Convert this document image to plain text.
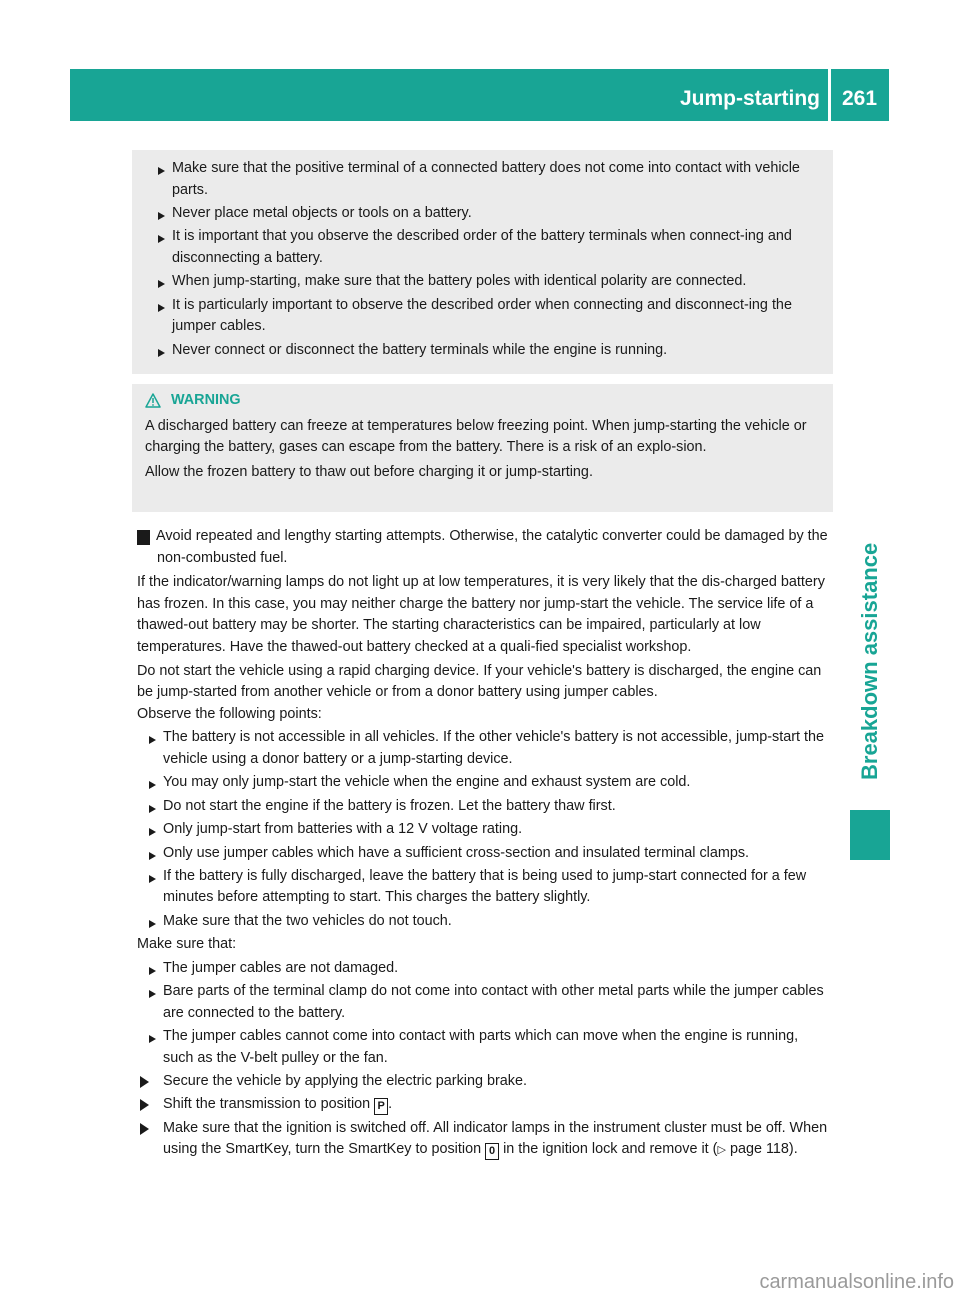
Jump-starting 261
Breakdown assistance
Make sure that the positive terminal of a connected battery does not come into contact with vehicle parts.
Never place metal objects or tools on a battery.
It is important that you observe the described order of the battery terminals when connect-ing and disconnecting a battery.
When jump-starting, make sure that the battery poles with identical polarity are connected.
It is particularly important to observe the described order when connecting and disconnect-ing the jumper cables.
Never connect or disconnect the battery terminals while the engine is running.
WARNING

A discharged battery can freeze at temperatures below freezing point. When jump-starting the vehicle or charging the battery, gases can escape from the battery. There is a risk of an explo-sion.

Allow the frozen battery to thaw out before charging it or jump-starting.

! Avoid repeated and lengthy starting attempts. Otherwise, the catalytic converter could be damaged by the non-combusted fuel.

If the indicator/warning lamps do not light up at low temperatures, it is very likely that the dis-charged battery has frozen. In this case, you may neither charge the battery nor jump-start the vehicle. The service life of a thawed-out battery may be shorter. The starting characteristics can be impaired, particularly at low temperatures. Have the thawed-out battery checked at a quali-fied specialist workshop.

Do not start the vehicle using a rapid charging device. If your vehicle's battery is discharged, the engine can be jump-started from another vehicle or from a donor battery using jumper cables.

Observe the following points:

The battery is not accessible in all vehicles. If the other vehicle's battery is not accessible, jump-start the vehicle using a donor battery or a jump-starting device.
You may only jump-start the vehicle when the engine and exhaust system are cold.
Do not start the engine if the battery is frozen. Let the battery thaw first.
Only jump-start from batteries with a 12 V voltage rating.
Only use jumper cables which have a sufficient cross-section and insulated terminal clamps.
If the battery is fully discharged, leave the battery that is being used to jump-start connected for a few minutes before attempting to start. This charges the battery slightly.
Make sure that the two vehicles do not touch.

Make sure that:

The jumper cables are not damaged.
Bare parts of the terminal clamp do not come into contact with other metal parts while the jumper cables are connected to the battery.
The jumper cables cannot come into contact with parts which can move when the engine is running, such as the V-belt pulley or the fan.
Secure the vehicle by applying the electric parking brake.
Shift the transmission to position P .
Make sure that the ignition is switched off. All indicator lamps in the instrument cluster must be off. When using the SmartKey, turn the SmartKey to position 0 in the ignition lock and remove it (▷ page 118).
carmanualsonline.info
